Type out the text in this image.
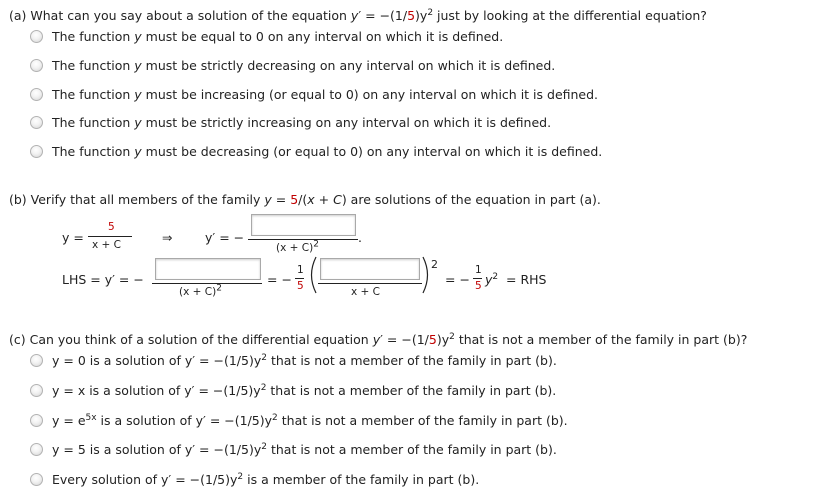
(a) What can you say about a solution of the equation $y' = -(1/5)y^2$ just by looking at the differential equation?
The function y must be equal to 0 on any interval on which it is defined.
The function y must be strictly decreasing on any interval on which it is defined.
The function y must be increasing (or equal to 0) on any interval on which it is defined.
The function y must be strictly increasing on any interval on which it is defined.
The function y must be decreasing (or equal to 0) on any interval on which it is defined.
(b) Verify that all members of the family y = 5/(x + C) are solutions of the equation in part (a).
y =
5
x + C	⇒	y′ = −
$(x + C)^2$	.
LHS = y′ = −
$(x + C)^2$
= −
1
5	x + C
2
= −
1
5 $y^2$ = RHS
(c) Can you think of a solution of the differential equation $y' = -(1/5)y^2$ that is not a member of the family in part (b)?
y = 0 is a solution of $y' = -(1/5)y^2$ that is not a member of the family in part (b).
y = x is a solution of $y' = -(1/5)y^2$ that is not a member of the family in part (b).
$y = e^{5x}$ is a solution of $y' = -(1/5)y^2$ that is not a member of the family in part (b).
y = 5 is a solution of $y' = -(1/5)y^2$ that is not a member of the family in part (b).
Every solution of $y' = -(1/5)y^2$ is a member of the family in part (b).
